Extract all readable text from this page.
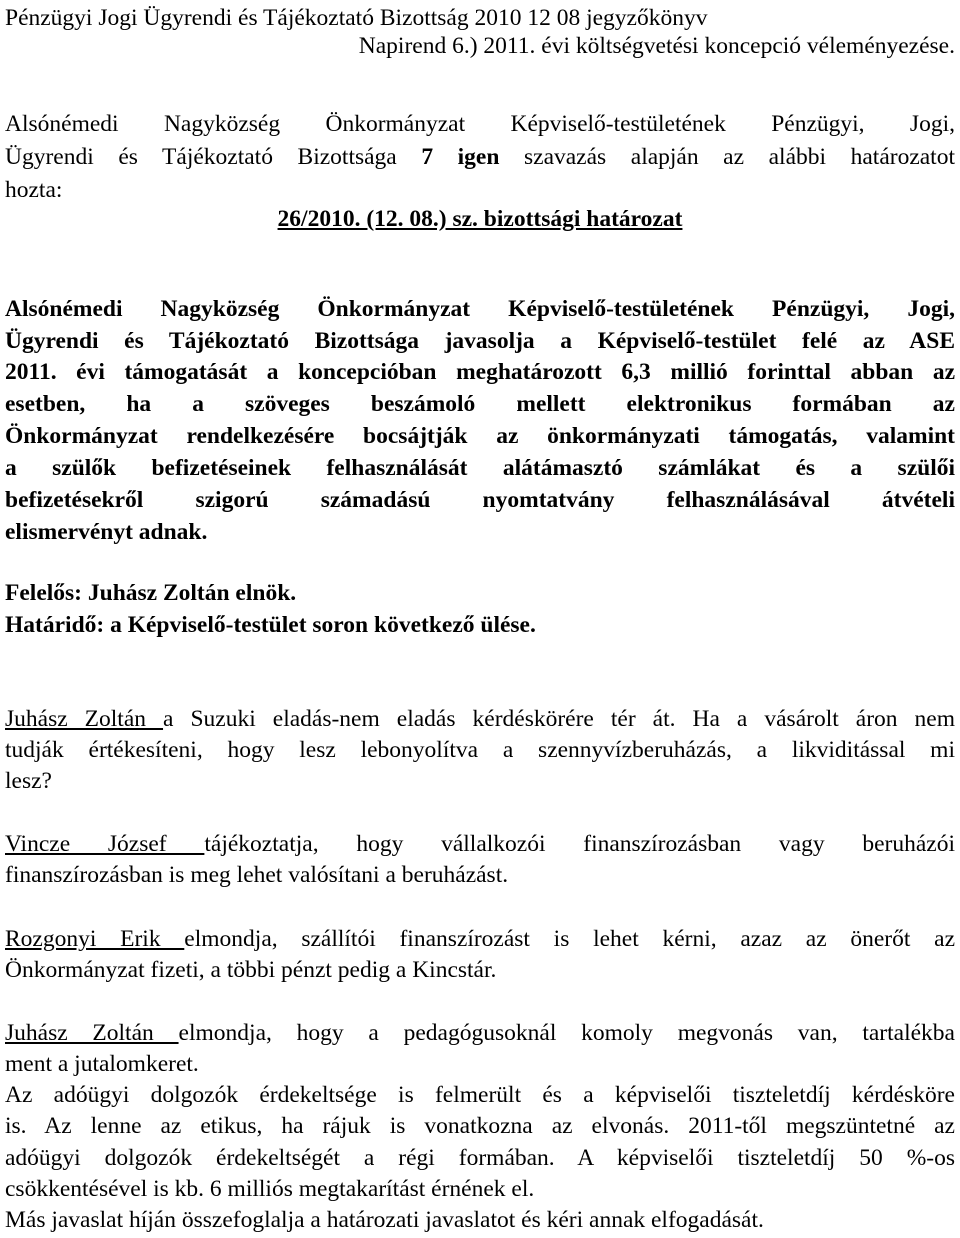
Pénzügyi Jogi Ügyrendi és Tájékoztató Bizottság 2010 12 08 jegyzőkönyv
Napirend 6.) 2011. évi költségvetési koncepció véleményezése.
Alsónémedi Nagyközség Önkormányzat Képviselő-testületének Pénzügyi, Jogi,
Ügyrendi és Tájékoztató Bizottsága 7 igen szavazás alapján az alábbi határozatot
hozta:
26/2010. (12. 08.) sz. bizottsági határozat
Alsónémedi Nagyközség Önkormányzat Képviselő-testületének Pénzügyi, Jogi,
Ügyrendi és Tájékoztató Bizottsága javasolja a Képviselő-testület felé az ASE
2011. évi támogatását a koncepcióban meghatározott 6,3 millió forinttal abban az
esetben, ha a szöveges beszámoló mellett elektronikus formában az
Önkormányzat rendelkezésére bocsájtják az önkormányzati támogatás, valamint
a szülők befizetéseinek felhasználását alátámasztó számlákat és a szülői
befizetésekről szigorú számadású nyomtatvány felhasználásával átvételi
elismervényt adnak.
Felelős: Juhász Zoltán elnök.
Határidő: a Képviselő-testület soron következő ülése.
Juhász Zoltán a Suzuki eladás-nem eladás kérdéskörére tér át. Ha a vásárolt áron nem
tudják értékesíteni, hogy lesz lebonyolítva a szennyvízberuházás, a likviditással mi
lesz?
Vincze József tájékoztatja, hogy vállalkozói finanszírozásban vagy beruházói
finanszírozásban is meg lehet valósítani a beruházást.
Rozgonyi Erik elmondja, szállítói finanszírozást is lehet kérni, azaz az önerőt az
Önkormányzat fizeti, a többi pénzt pedig a Kincstár.
Juhász Zoltán elmondja, hogy a pedagógusoknál komoly megvonás van, tartalékba
ment a jutalomkeret.
Az adóügyi dolgozók érdekeltsége is felmerült és a képviselői tiszteletdíj kérdésköre
is. Az lenne az etikus, ha rájuk is vonatkozna az elvonás. 2011-től megszüntetné az
adóügyi dolgozók érdekeltségét a régi formában. A képviselői tiszteletdíj 50 %-os
csökkentésével is kb. 6 milliós megtakarítást érnének el.
Más javaslat híján összefoglalja a határozati javaslatot és kéri annak elfogadását.
